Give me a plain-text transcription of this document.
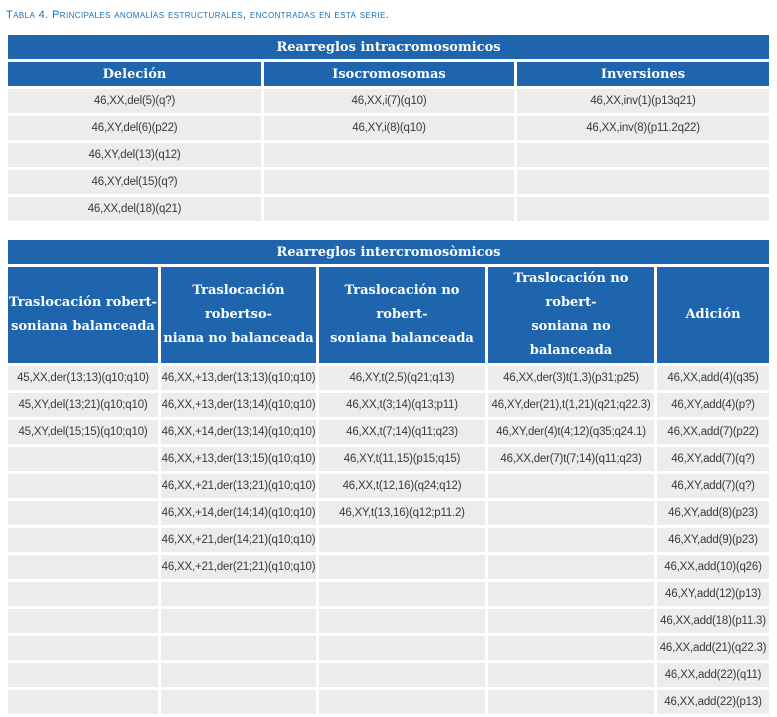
Tabla 4. Principales anomalías estructurales, encontradas en esta serie.
Rearreglos intracromosomicos		
Deleción	Isocromosomas	Inversiones
46,XX,del(5)(q?)	46,XX,i(7)(q10)	46,XX,inv(1)(p13q21)
46,XY,del(6)(p22)	46,XY,i(8)(q10)	46,XX,inv(8)(p11.2q22)
46,XY,del(13)(q12)		
46,XY,del(15)(q?)		
46,XX,del(18)(q21)		
Rearreglos intercromosòmicos				
Traslocación robert-
soniana balanceada	Traslocación robertso-
niana no balanceada	Traslocación no robert-
soniana balanceada	Traslocación no robert-
soniana no balanceada	Adición
45,XX,der(13;13)(q10;q10)	46,XX,+13,der(13;13)(q10;q10)	46,XY,t(2,5)(q21;q13)	46,XX,der(3)t(1,3)(p31;p25)	46,XX,add(4)(q35)
45,XY,del(13;21)(q10;q10)	46,XX,+13,der(13;14)(q10;q10)	46,XX,t(3;14)(q13;p11)	46,XY,der(21),t(1,21)(q21;q22.3)	46,XY,add(4)(p?)
45,XY,del(15;15)(q10;q10)	46,XX,+14,der(13;14)(q10;q10)	46,XX,t(7;14)(q11;q23)	46,XY,der(4)t(4;12)(q35;q24.1)	46,XX,add(7)(p22)
	46,XX,+13,der(13;15)(q10;q10)	46,XY,t(11,15)(p15;q15)	46,XX,der(7)t(7;14)(q11;q23)	46,XY,add(7)(q?)
	46,XX,+21,der(13;21)(q10;q10)	46,XX,t(12,16)(q24;q12)		46,XY,add(7)(q?)
	46,XX,+14,der(14;14)(q10;q10)	46,XY,t(13,16)(q12;p11.2)		46,XY,add(8)(p23)
	46,XX,+21,der(14;21)(q10;q10)			46,XY,add(9)(p23)
	46,XX,+21,der(21;21)(q10;q10)			46,XX,add(10)(q26)
				46,XY,add(12)(p13)
				46,XX,add(18)(p11.3)
				46,XX,add(21)(q22.3)
				46,XX,add(22)(q11)
				46,XX,add(22)(p13)
